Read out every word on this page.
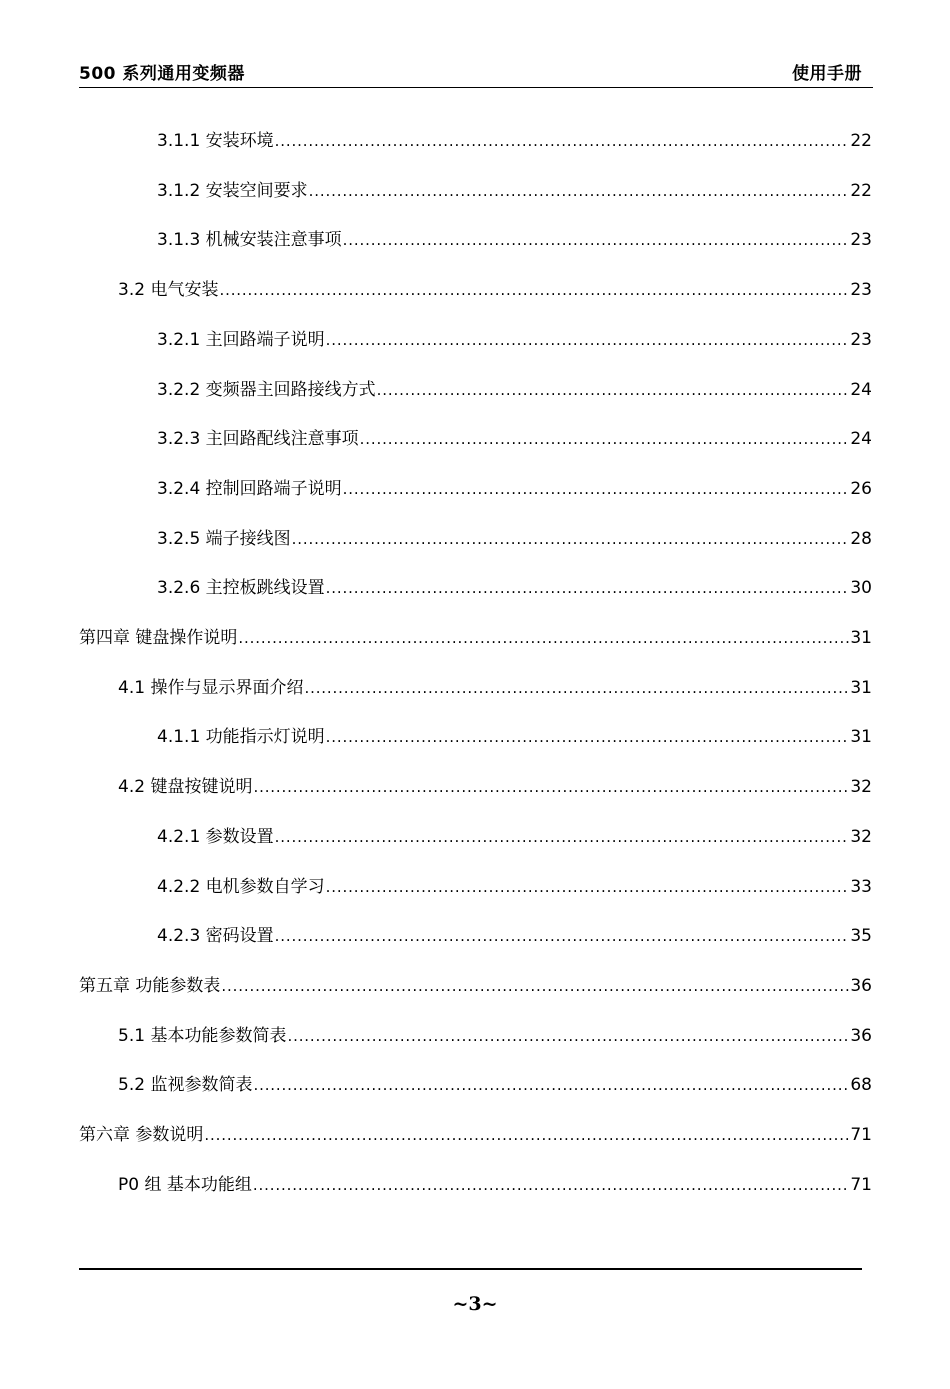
500 系列通用变频器	使用手册
3.1.1 安装环境 .....	22
3.1.2 安装空间要求 .....	22
3.1.3 机械安装注意事项 .....	23
3.2 电气安装 .....	23
3.2.1 主回路端子说明 .....	23
3.2.2 变频器主回路接线方式 .....	24
3.2.3 主回路配线注意事项 .....	24
3.2.4 控制回路端子说明 .....	26
3.2.5 端子接线图 .....	28
3.2.6 主控板跳线设置 .....	30
第四章 键盘操作说明 .....	31
4.1 操作与显示界面介绍 .....	31
4.1.1 功能指示灯说明 .....	31
4.2 键盘按键说明 .....	32
4.2.1 参数设置 .....	32
4.2.2 电机参数自学习 .....	33
4.2.3 密码设置 .....	35
第五章 功能参数表 .....	36
5.1 基本功能参数简表 .....	36
5.2 监视参数简表 .....	68
第六章 参数说明 .....	71
P0 组 基本功能组 .....	71
~3~
